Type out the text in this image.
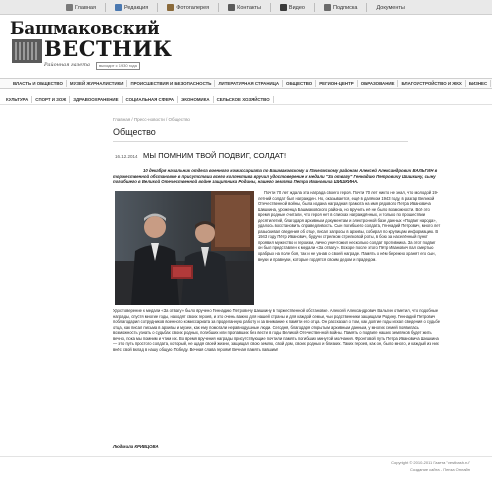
Главная	Редакция	Фотогалерея	Контакты	Видео	Подписка	Документы
Башмаковский
ВЕСТНИК
Районная газета	выходит с 1930 года
ВЛАСТЬ И ОБЩЕСТВО	МУЗЕЙ ЖУРНАЛИСТИКИ	ПРОИСШЕСТВИЯ И БЕЗОПАСНОСТЬ	ЛИТЕРАТУРНАЯ СТРАНИЦА	ОБЩЕСТВО	РЕГИОН-ЦЕНТР	ОБРАЗОВАНИЕ	БЛАГОУСТРОЙСТВО И ЖКХ	БИЗНЕС
КУЛЬТУРА	СПОРТ И ЗОЖ	ЗДРАВООХРАНЕНИЕ	СОЦИАЛЬНАЯ СФЕРА	ЭКОНОМИКА	СЕЛЬСКОЕ ХОЗЯЙСТВО
Главная / Пресс-новости / Общество
Общество
16.12.2014 МЫ ПОМНИМ ТВОЙ ПОДВИГ, СОЛДАТ!
10 декабря начальник отдела военного комиссариата по Башмаковскому и Пачелмскому районам Алексей Александрович ВАЛЬГИН в торжественной обстановке в присутствии всего коллектива вручил удостоверение к медали "За отвагу" Геннадию Петровичу Шишкину, сыну погибшего в Великой Отечественной войне защитника Родины, нашего земляка Петра Ивановича ШИШКИНА.
Почти 70 лет ждала эта награда своего героя. Почти 70 лет никто не знал, что молодой 19-летний солдат был награжден. Но, оказывается, ещё в далёком 1943 году, в разгар Великой Отечественной войны, была издана наградная грамота на имя рядового Петра Ивановича Шишкина, уроженца Башмаковского района, но вручить её не было возможности. Всё это время родные считали, что героя нет в списках награждённых, и только по прошествии десятилетий, благодаря архивным документам и электронной базе данных «Подвиг народа», удалось восстановить справедливость. Сын погибшего солдата, Геннадий Петрович, много лет разыскивал сведения об отце, писал запросы в архивы, собирал по крупицам информацию. В 1943 году Пётр Иванович, будучи стрелком стрелковой роты, в бою за населённый пункт проявил мужество и героизм, лично уничтожил несколько солдат противника. За этот подвиг он был представлен к медали «За отвагу». Вскоре после этого Пётр Иванович пал смертью храбрых на поле боя, так и не узнав о своей награде. Память о нём бережно хранят его сын, внуки и правнуки, которые гордятся своим дедом и прадедом.
Удостоверение к медали «За отвагу» было вручено Геннадию Петровичу Шишкину в торжественной обстановке. Алексей Александрович Вальгин отметил, что подобные награды, спустя многие годы, находят своих героев, и это очень важно для нашей страны и для каждой семьи, чьи родственники защищали Родину. Геннадий Петрович поблагодарил сотрудников военного комиссариата за проделанную работу и за внимание к памяти его отца. Он рассказал о том, как долгие годы искал сведения о судьбе отца, как писал письма в архивы и музеи, как ему помогали неравнодушные люди. Сегодня, благодаря открытым архивным данным, у многих семей появилась возможность узнать о судьбах своих родных, погибших или пропавших без вести в годы Великой Отечественной войны. Память о подвиге наших земляков будет жить вечно, пока мы помним и чтим их. Во время вручения награды присутствующие почтили память погибших минутой молчания. Фронтовой путь Петра Ивановича Шишкина — это путь простого солдата, который, не щадя своей жизни, защищал свою землю, свой дом, своих родных и близких. Таких героев, как он, было много, и каждый из них внёс свой вклад в нашу общую Победу. Вечная слава героям! Вечная память павшим!
Людмила КРИВЦОВА
Copyright © 2010-2011 Газета "vestbash.ru"
Создание сайта - Пенза Онлайн
